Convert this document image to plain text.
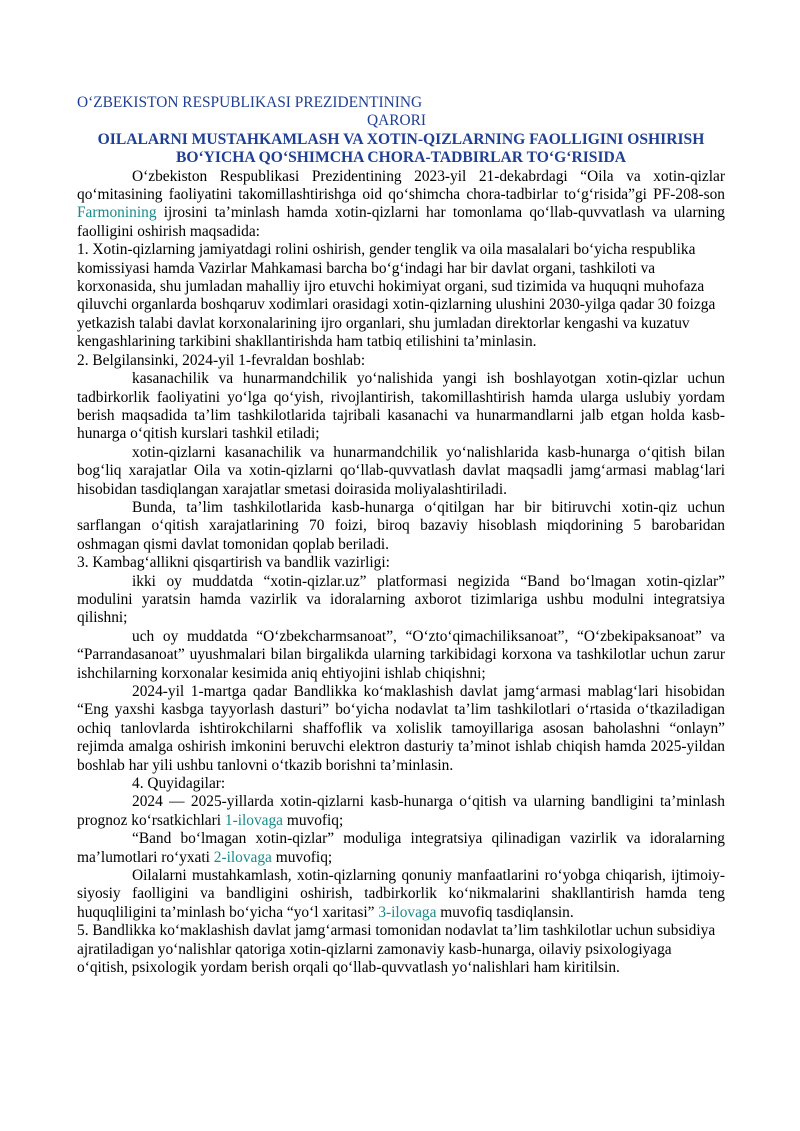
O‘ZBEKISTON RESPUBLIKASI PREZIDENTINING

QARORI

OILALARNI MUSTAHKAMLASH VA XOTIN-QIZLARNING FAOLLIGINI OSHIRISH

BO‘YICHA QO‘SHIMCHA CHORA-TADBIRLAR TO‘G‘RISIDA

O‘zbekiston Respublikasi Prezidentining 2023-yil 21-dekabrdagi “Oila va xotin-qizlar qo‘mitasining faoliyatini takomillashtirishga oid qo‘shimcha chora-tadbirlar to‘g‘risida”gi PF-208-son Farmonining ijrosini ta’minlash hamda xotin-qizlarni har tomonlama qo‘llab-quvvatlash va ularning faolligini oshirish maqsadida:

1. Xotin-qizlarning jamiyatdagi rolini oshirish, gender tenglik va oila masalalari bo‘yicha respublika komissiyasi hamda Vazirlar Mahkamasi barcha bo‘g‘indagi har bir davlat organi, tashkiloti va korxonasida, shu jumladan mahalliy ijro etuvchi hokimiyat organi, sud tizimida va huquqni muhofaza qiluvchi organlarda boshqaruv xodimlari orasidagi xotin-qizlarning ulushini 2030-yilga qadar 30 foizga yetkazish talabi davlat korxonalarining ijro organlari, shu jumladan direktorlar kengashi va kuzatuv kengashlarining tarkibini shakllantirishda ham tatbiq etilishini ta’minlasin.

2. Belgilansinki, 2024-yil 1-fevraldan boshlab:

kasanachilik va hunarmandchilik yo‘nalishida yangi ish boshlayotgan xotin-qizlar uchun tadbirkorlik faoliyatini yo‘lga qo‘yish, rivojlantirish, takomillashtirish hamda ularga uslubiy yordam berish maqsadida ta’lim tashkilotlarida tajribali kasanachi va hunarmandlarni jalb etgan holda kasb-hunarga o‘qitish kurslari tashkil etiladi;

xotin-qizlarni kasanachilik va hunarmandchilik yo‘nalishlarida kasb-hunarga o‘qitish bilan bog‘liq xarajatlar Oila va xotin-qizlarni qo‘llab-quvvatlash davlat maqsadli jamg‘armasi mablag‘lari hisobidan tasdiqlangan xarajatlar smetasi doirasida moliyalashtiriladi.

Bunda, ta’lim tashkilotlarida kasb-hunarga o‘qitilgan har bir bitiruvchi xotin-qiz uchun sarflangan o‘qitish xarajatlarining 70 foizi, biroq bazaviy hisoblash miqdorining 5 barobaridan oshmagan qismi davlat tomonidan qoplab beriladi.

3. Kambag‘allikni qisqartirish va bandlik vazirligi:

ikki oy muddatda “xotin-qizlar.uz” platformasi negizida “Band bo‘lmagan xotin-qizlar” modulini yaratsin hamda vazirlik va idoralarning axborot tizimlariga ushbu modulni integratsiya qilishni;

uch oy muddatda “O‘zbekcharmsanoat”, “O‘zto‘qimachiliksanoat”, “O‘zbekipaksanoat” va “Parrandasanoat” uyushmalari bilan birgalikda ularning tarkibidagi korxona va tashkilotlar uchun zarur ishchilarning korxonalar kesimida aniq ehtiyojini ishlab chiqishni;

2024-yil 1-martga qadar Bandlikka ko‘maklashish davlat jamg‘armasi mablag‘lari hisobidan “Eng yaxshi kasbga tayyorlash dasturi” bo‘yicha nodavlat ta’lim tashkilotlari o‘rtasida o‘tkaziladigan ochiq tanlovlarda ishtirokchilarni shaffoflik va xolislik tamoyillariga asosan baholashni “onlayn” rejimda amalga oshirish imkonini beruvchi elektron dasturiy ta’minot ishlab chiqish hamda 2025-yildan boshlab har yili ushbu tanlovni o‘tkazib borishni ta’minlasin.

4. Quyidagilar:

2024 — 2025-yillarda xotin-qizlarni kasb-hunarga o‘qitish va ularning bandligini ta’minlash prognoz ko‘rsatkichlari 1-ilovaga muvofiq;

“Band bo‘lmagan xotin-qizlar” moduliga integratsiya qilinadigan vazirlik va idoralarning ma’lumotlari ro‘yxati 2-ilovaga muvofiq;

Oilalarni mustahkamlash, xotin-qizlarning qonuniy manfaatlarini ro‘yobga chiqarish, ijtimoiy-siyosiy faolligini va bandligini oshirish, tadbirkorlik ko‘nikmalarini shakllantirish hamda teng huquqliligini ta’minlash bo‘yicha “yo‘l xaritasi” 3-ilovaga muvofiq tasdiqlansin.

5. Bandlikka ko‘maklashish davlat jamg‘armasi tomonidan nodavlat ta’lim tashkilotlar uchun subsidiya ajratiladigan yo‘nalishlar qatoriga xotin-qizlarni zamonaviy kasb-hunarga, oilaviy psixologiyaga o‘qitish, psixologik yordam berish orqali qo‘llab-quvvatlash yo‘nalishlari ham kiritilsin.
